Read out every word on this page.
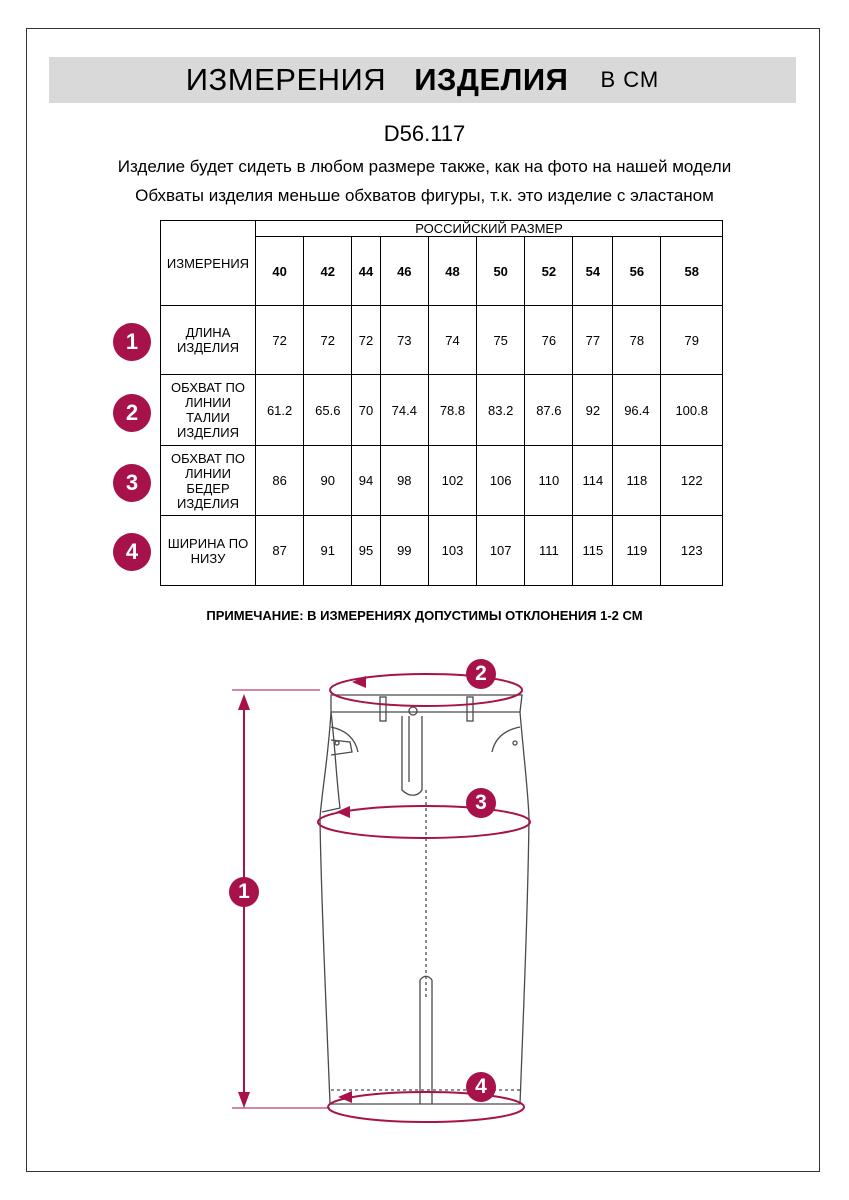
ИЗМЕРЕНИЯ ИЗДЕЛИЯ В СМ
D56.117
Изделие будет сидеть в любом размере также, как на фото на нашей модели
Обхваты изделия меньше обхватов фигуры, т.к. это изделие с эластаном
ИЗМЕРЕНИЯ	РОССИЙСКИЙ РАЗМЕР									
	40	42	44	46	48	50	52	54	56	58
ДЛИНА
ИЗДЕЛИЯ	72	72	72	73	74	75	76	77	78	79
ОБХВАТ ПО
ЛИНИИ
ТАЛИИ
ИЗДЕЛИЯ	61.2	65.6	70	74.4	78.8	83.2	87.6	92	96.4	100.8
ОБХВАТ ПО
ЛИНИИ
БЕДЕР
ИЗДЕЛИЯ	86	90	94	98	102	106	110	114	118	122
ШИРИНА ПО
НИЗУ	87	91	95	99	103	107	111	115	119	123
1
2
3
4
ПРИМЕЧАНИЕ: В ИЗМЕРЕНИЯХ ДОПУСТИМЫ ОТКЛОНЕНИЯ 1-2 СМ
2
3
1
4
